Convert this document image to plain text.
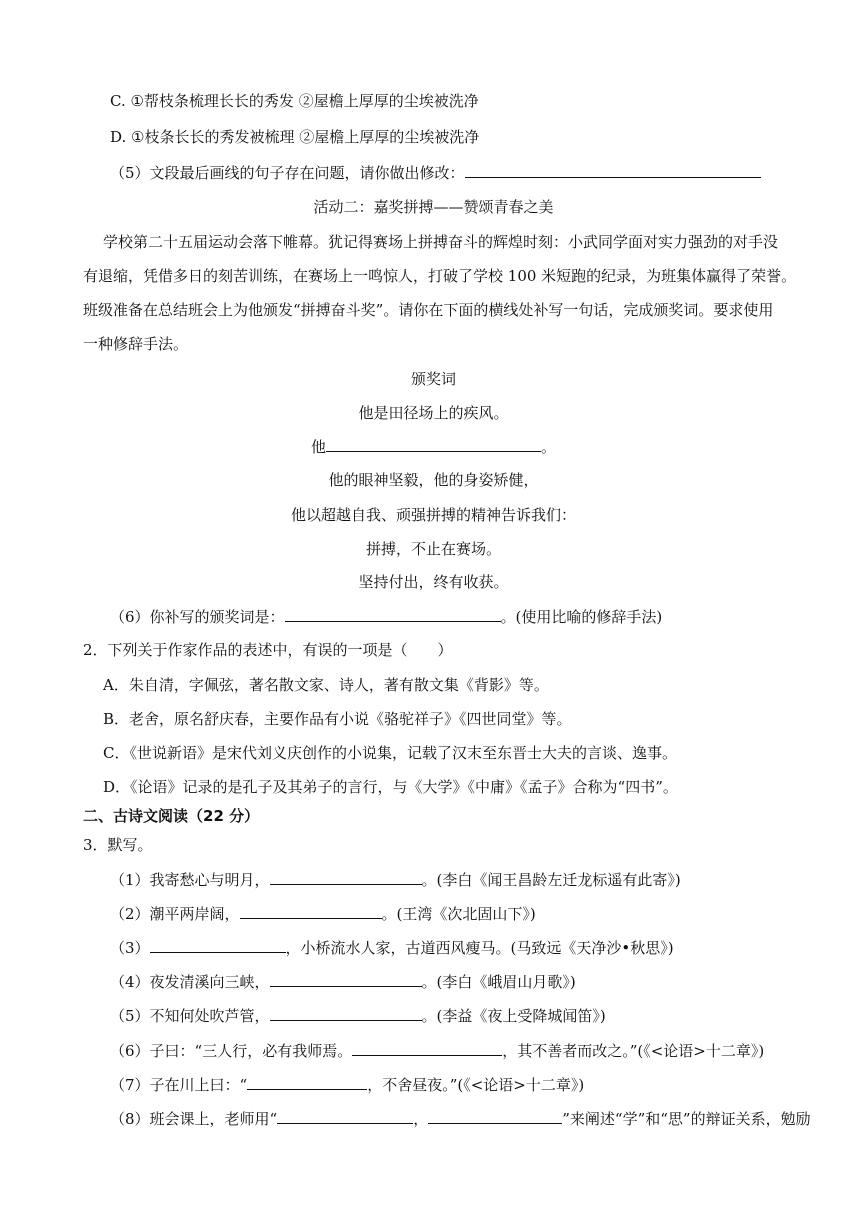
C. ①帮枝条梳理长长的秀发 ②屋檐上厚厚的尘埃被洗净
D. ①枝条长长的秀发被梳理 ②屋檐上厚厚的尘埃被洗净
（5）文段最后画线的句子存在问题，请你做出修改：
活动二：嘉奖拼搏——赞颂青春之美
学校第二十五届运动会落下帷幕。犹记得赛场上拼搏奋斗的辉煌时刻：小武同学面对实力强劲的对手没
有退缩，凭借多日的刻苦训练，在赛场上一鸣惊人，打破了学校 100 米短跑的纪录，为班集体赢得了荣誉。
班级准备在总结班会上为他颁发“拼搏奋斗奖”。请你在下面的横线处补写一句话，完成颁奖词。要求使用
一种修辞手法。
颁奖词
他是田径场上的疾风。
他	。
他的眼神坚毅，他的身姿矫健，
他以超越自我、顽强拼搏的精神告诉我们：
拼搏，不止在赛场。
坚持付出，终有收获。
（6）你补写的颁奖词是：	。(使用比喻的修辞手法)
2．下列关于作家作品的表述中，有误的一项是（　　）
A．朱自清，字佩弦，著名散文家、诗人，著有散文集《背影》等。
B．老舍，原名舒庆春，主要作品有小说《骆驼祥子》《四世同堂》等。
C．《世说新语》是宋代刘义庆创作的小说集，记载了汉末至东晋士大夫的言谈、逸事。
D．《论语》记录的是孔子及其弟子的言行，与《大学》《中庸》《孟子》合称为“四书”。
二、古诗文阅读（22 分）
3．默写。
（1）我寄愁心与明月，	。(李白《闻王昌龄左迁龙标遥有此寄》)
（2）潮平两岸阔，	。(王湾《次北固山下》)
（3）	，小桥流水人家，古道西风瘦马。(马致远《天净沙•秋思》)
（4）夜发清溪向三峡，	。(李白《峨眉山月歌》)
（5）不知何处吹芦管，	。(李益《夜上受降城闻笛》)
（6）子曰：“三人行，必有我师焉。	，其不善者而改之。”(《<论语>十二章》)
（7）子在川上曰：“	，不舍昼夜。”(《<论语>十二章》)
（8）班会课上，老师用“	，	”来阐述“学”和“思”的辩证关系，勉励
